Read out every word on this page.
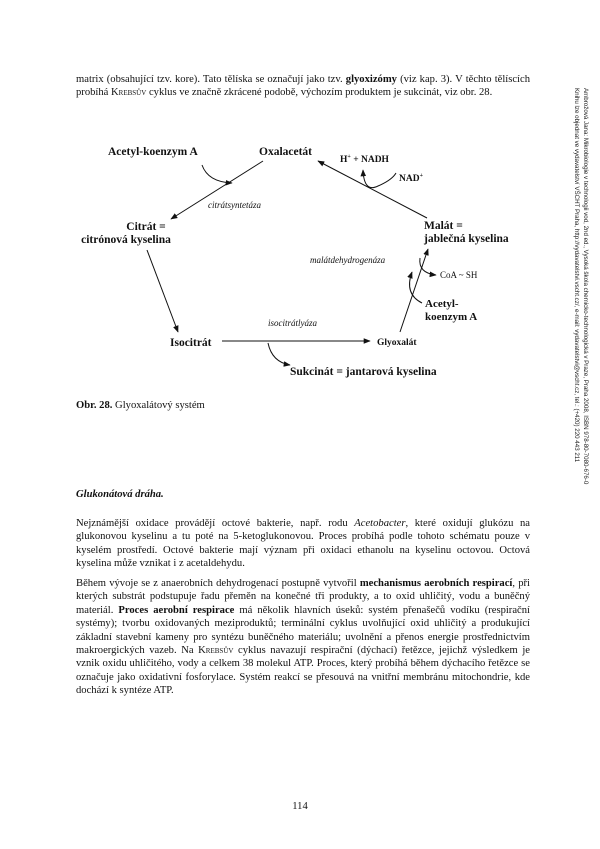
matrix (obsahující tzv. kore). Tato tělíska se označují jako tzv. glyoxizómy (viz kap. 3). V těchto tělíscích probíhá Krebsův cyklus ve značně zkrácené podobě, výchozím produktem je sukcinát, viz obr. 28.

Acetyl-koenzym A	Oxalacetát
H+ + NADH
NAD+
Citrát =
citrónová kyselina
citrátsyntetáza
Malát =
jablečná kyselina
malátdehydrogenáza
CoA ~ SH
Acetyl-
koenzym A
isocitrátlyáza
Isocitrát	Glyoxalát
Sukcinát = jantarová kyselina

Obr. 28. Glyoxalátový systém

Glukonátová dráha.

Nejznámější oxidace provádějí octové bakterie, např. rodu Acetobacter, které oxidují glukózu na glukonovou kyselinu a tu poté na 5-ketoglukonovou. Proces probíhá podle tohoto schématu pouze v kyselém prostředí. Octové bakterie mají význam při oxidaci ethanolu na kyselinu octovou. Octová kyselina může vznikat i z acetaldehydu.

Během vývoje se z anaerobních dehydrogenací postupně vytvořil mechanismus aerobních respirací, při kterých substrát podstupuje řadu přeměn na konečné tři produkty, a to oxid uhličitý, vodu a buněčný materiál. Proces aerobní respirace má několik hlavních úseků: systém přenašečů vodíku (respirační systémy); tvorbu oxidovaných meziproduktů; terminální cyklus uvolňující oxid uhličitý a produkující základní stavební kameny pro syntézu buněčného materiálu; uvolnění a přenos energie prostřednictvím makroergických vazeb. Na Krebsův cyklus navazují respirační (dýchací) řetězce, jejichž výsledkem je vznik oxidu uhličitého, vody a celkem 38 molekul ATP. Proces, který probíhá během dýchacího řetězce se označuje jako oxidativní fosforylace. Systém reakcí se přesouvá na vnitřní membránu mitochondrie, kde dochází k syntéze ATP.

114
Ambrožová Jana: Mikrobiologie v technologii vod, 2nd ed., Vysoká škola chemicko-technologická v Praze, Praha 2008, ISBN 978-80-7080-676-0
Knihu lze objednat ve vydavatelství VŠCHT Praha, http://vydavatelstvi.vscht.cz/, e-mail: vydavatelstvi@vscht.cz, tel.: (+420) 220 443 211
